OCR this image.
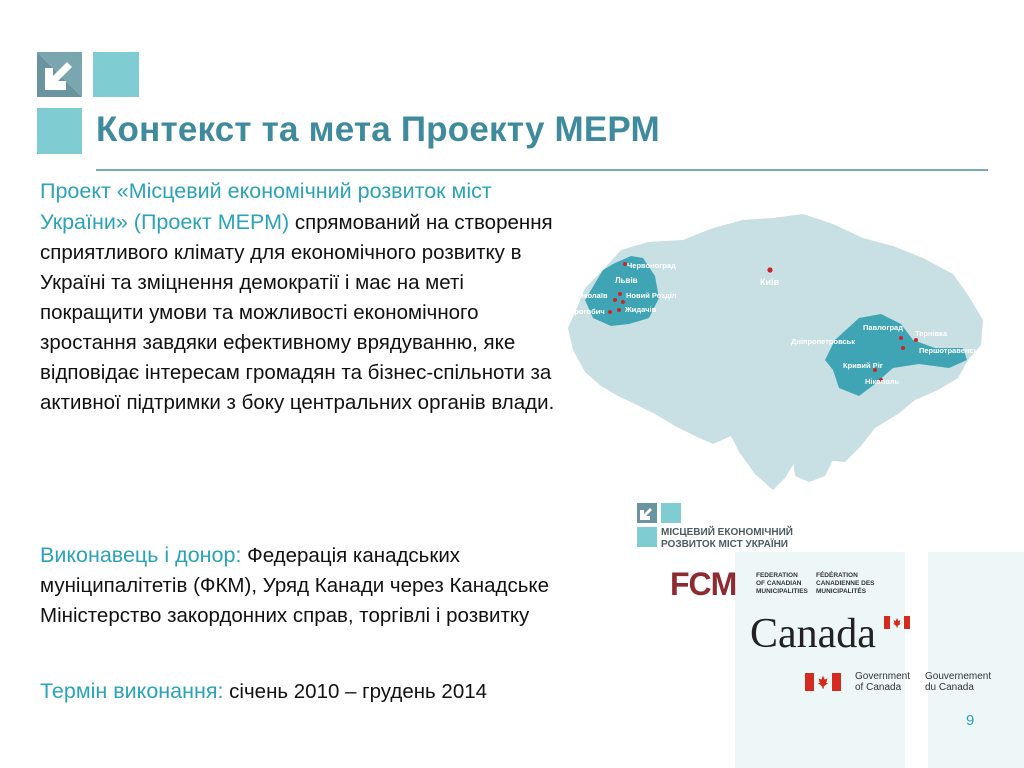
Контекст та мета Проекту МЕРМ
Київ
Львів
Червоноград
Миколаїв Новий Розділ
Дрогобич	Жидачів
Павлоград
Тернівка
Дніпропетровськ
Першотравенськ
Кривий Ріг
Нікополь
Проект «Місцевий економічний розвиток міст України» (Проект МЕРМ) спрямований на створення сприятливого клімату для економічного розвитку в Україні та зміцнення демократії і має на меті покращити умови та можливості економічного зростання завдяки ефективному врядуванню, яке відповідає інтересам громадян та бізнес-спільноти за активної підтримки з боку центральних органів влади.
Виконавець і донор: Федерація канадських муніципалітетів (ФКМ), Уряд Канади через Канадське Міністерство закордонних справ, торгівлі і розвитку
Термін виконання: січень 2010 – грудень 2014
МІСЦЕВИЙ ЕКОНОМІЧНИЙ
РОЗВИТОК МІСТ УКРАЇНИ
FCM	FEDERATION
OF CANADIAN
MUNICIPALITIES
FÉDÉRATION
CANADIENNE DES
MUNICIPALITÉS
Canada
Government
of Canada
Gouvernement
du Canada
9
